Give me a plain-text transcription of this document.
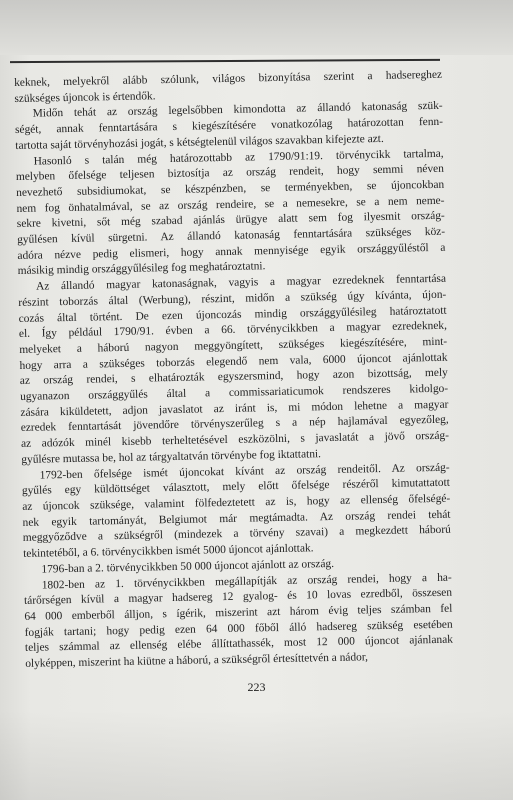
keknek, melyekről alább szólunk, világos bizonyítása szerint a hadsereghez

szükséges újoncok is értendők.

Midőn tehát az ország legelsőbben kimondotta az állandó katonaság szük-

ségét, annak fenntartására s kiegészítésére vonatkozólag határozottan fenn-

tartotta saját törvényhozási jogát, s kétségtelenül világos szavakban kifejezte azt.

Hasonló s talán még határozottabb az 1790/91:19. törvénycikk tartalma,

melyben őfelsége teljesen biztosítja az ország rendeit, hogy semmi néven

nevezhető subsidiumokat, se készpénzben, se terményekben, se újoncokban

nem fog önhatalmával, se az ország rendeire, se a nemesekre, se a nem neme-

sekre kivetni, sőt még szabad ajánlás ürügye alatt sem fog ilyesmit ország-

gyűlésen kívül sürgetni. Az állandó katonaság fenntartására szükséges köz-

adóra nézve pedig elismeri, hogy annak mennyisége egyik országgyűléstől a

másikig mindig országgyűlésileg fog meghatároztatni.

Az állandó magyar katonaságnak, vagyis a magyar ezredeknek fenntartása

részint toborzás által (Werbung), részint, midőn a szükség úgy kívánta, újon-

cozás által történt. De ezen újoncozás mindig országgyűlésileg határoztatott

el. Így például 1790/91. évben a 66. törvénycikkben a magyar ezredeknek,

melyeket a háború nagyon meggyöngített, szükséges kiegészítésére, mint-

hogy arra a szükséges toborzás elegendő nem vala, 6000 újoncot ajánlottak

az ország rendei, s elhatározták egyszersmind, hogy azon bizottság, mely

ugyanazon országgyűlés által a commissariaticumok rendszeres kidolgo-

zására kiküldetett, adjon javaslatot az iránt is, mi módon lehetne a magyar

ezredek fenntartását jövendőre törvényszerűleg s a nép hajlamával egyezőleg,

az adózók minél kisebb terheltetésével eszközölni, s javaslatát a jövő ország-

gyűlésre mutassa be, hol az tárgyaltatván törvénybe fog iktattatni.

1792-ben őfelsége ismét újoncokat kívánt az ország rendeitől. Az ország-

gyűlés egy küldöttséget választott, mely előtt őfelsége részéről kimutattatott

az újoncok szüksége, valamint fölfedeztetett az is, hogy az ellenség őfelségé-

nek egyik tartományát, Belgiumot már megtámadta. Az ország rendei tehát

meggyőződve a szükségről (mindezek a törvény szavai) a megkezdett háború

tekintetéből, a 6. törvénycikkben ismét 5000 újoncot ajánlottak.

1796-ban a 2. törvénycikkben 50 000 újoncot ajánlott az ország.

1802-ben az 1. törvénycikkben megállapítják az ország rendei, hogy a ha-

tárőrségen kívül a magyar hadsereg 12 gyalog- és 10 lovas ezredből, összesen

64 000 emberből álljon, s ígérik, miszerint azt három évig teljes számban fel

fogják tartani; hogy pedig ezen 64 000 főből álló hadsereg szükség esetében

teljes számmal az ellenség elébe állíttathassék, most 12 000 újoncot ajánlanak

olyképpen, miszerint ha kiütne a háború, a szükségről értesíttetvén a nádor,

223
